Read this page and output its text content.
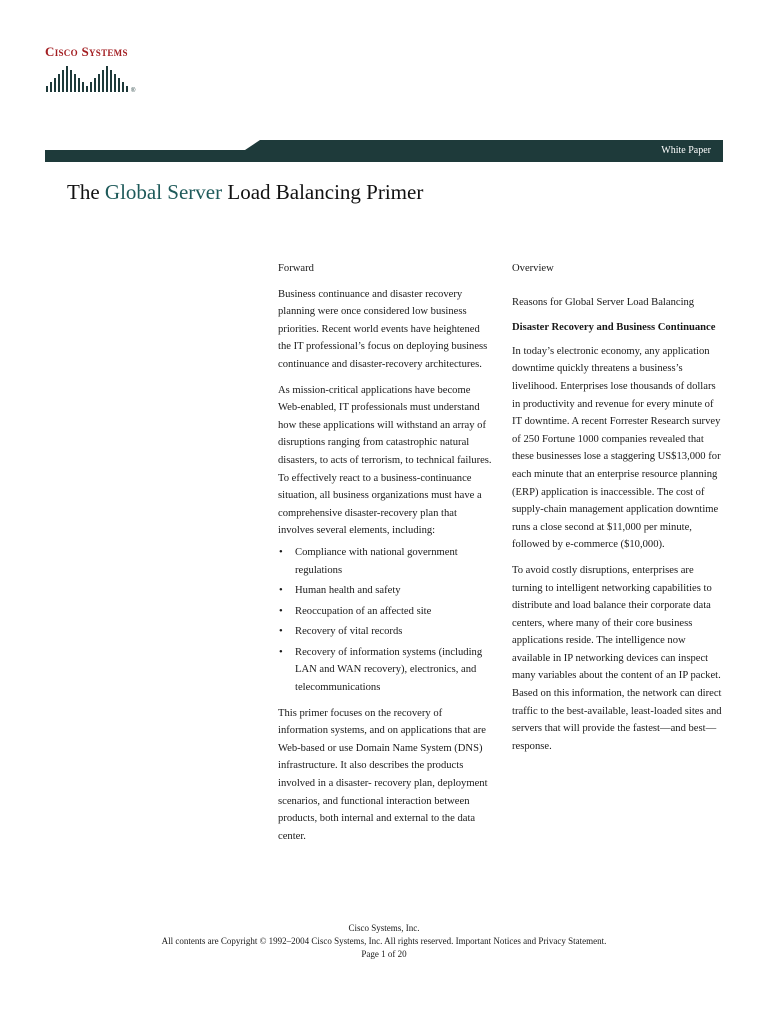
Cisco Systems
®
White Paper
The Global Server Load Balancing Primer
Forward

Business continuance and disaster recovery planning were once considered low business priorities. Recent world events have heightened the IT professional’s focus on deploying business continuance and disaster-recovery architectures.

As mission-critical applications have become Web-enabled, IT professionals must understand how these applications will withstand an array of disruptions ranging from catastrophic natural disasters, to acts of terrorism, to technical failures. To effectively react to a business-continuance situation, all business organizations must have a comprehensive disaster-recovery plan that involves several elements, including:

• Compliance with national government regulations
• Human health and safety
• Reoccupation of an affected site
• Recovery of vital records
• Recovery of information systems (including LAN and WAN recovery), electronics, and telecommunications

This primer focuses on the recovery of information systems, and on applications that are Web-based or use Domain Name System (DNS) infrastructure. It also describes the products involved in a disaster- recovery plan, deployment scenarios, and functional interaction between products, both internal and external to the data center.

Overview
Reasons for Global Server Load Balancing
Disaster Recovery and Business Continuance

In today’s electronic economy, any application downtime quickly threatens a business’s livelihood. Enterprises lose thousands of dollars in productivity and revenue for every minute of IT downtime. A recent Forrester Research survey of 250 Fortune 1000 companies revealed that these businesses lose a staggering US$13,000 for each minute that an enterprise resource planning (ERP) application is inaccessible. The cost of supply-chain management application downtime runs a close second at $11,000 per minute, followed by e-commerce ($10,000).

To avoid costly disruptions, enterprises are turning to intelligent networking capabilities to distribute and load balance their corporate data centers, where many of their core business applications reside. The intelligence now available in IP networking devices can inspect many variables about the content of an IP packet. Based on this information, the network can direct traffic to the best-available, least-loaded sites and servers that will provide the fastest—and best—response.

Cisco Systems, Inc.
All contents are Copyright © 1992–2004 Cisco Systems, Inc. All rights reserved. Important Notices and Privacy Statement.
Page 1 of 20
